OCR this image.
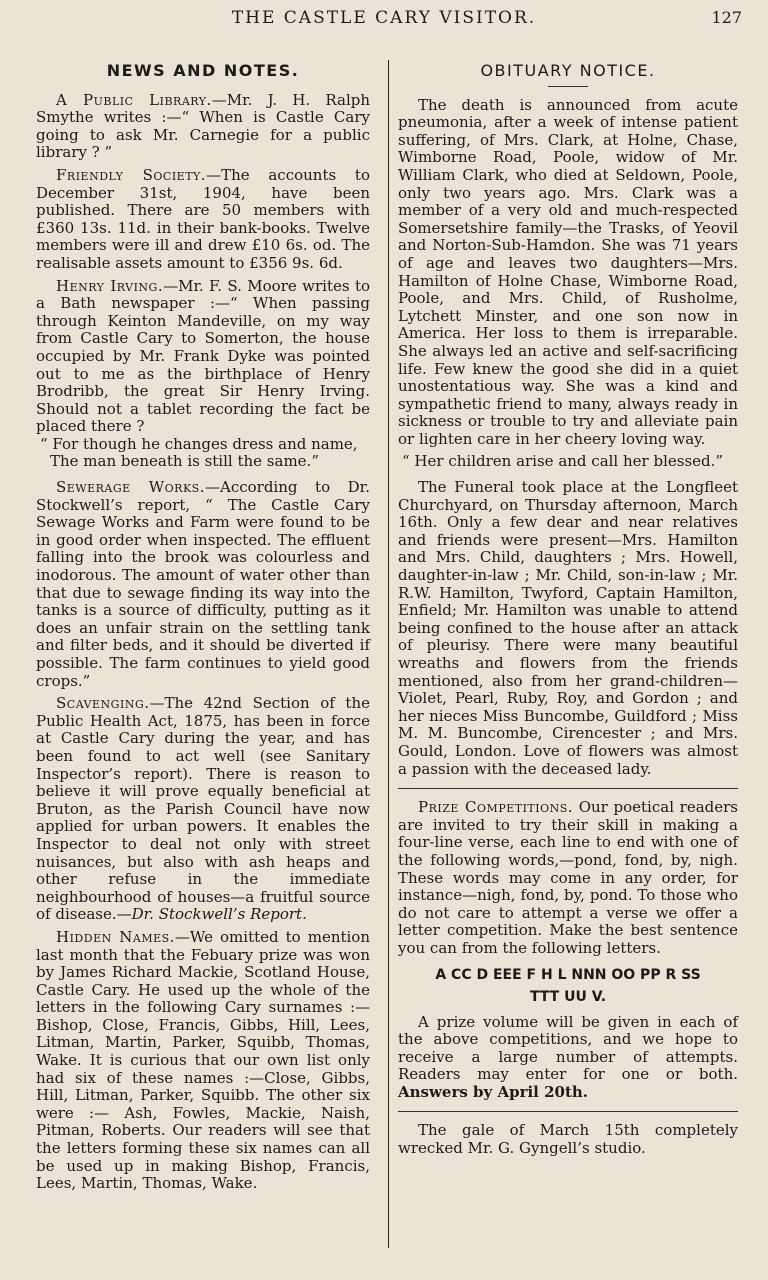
THE CASTLE CARY VISITOR.	127
NEWS AND NOTES.

A Public Library.—Mr. J. H. Ralph Smythe writes :—“ When is Castle Cary going to ask Mr. Carnegie for a public library ? ”

Friendly Society.—The accounts to December 31st, 1904, have been published. There are 50 members with £360 13s. 11d. in their bank-books. Twelve members were ill and drew £10 6s. od. The realisable assets amount to £356 9s. 6d.

Henry Irving.—Mr. F. S. Moore writes to a Bath newspaper :—“ When passing through Keinton Mandeville, on my way from Castle Cary to Somerton, the house occupied by Mr. Frank Dyke was pointed out to me as the birthplace of Henry Brodribb, the great Sir Henry Irving. Should not a tablet recording the fact be placed there ?

“ For though he changes dress and name,

The man beneath is still the same.”

Sewerage Works.—According to Dr. Stockwell’s report, “ The Castle Cary Sewage Works and Farm were found to be in good order when inspected. The effluent falling into the brook was colourless and inodorous. The amount of water other than that due to sewage finding its way into the tanks is a source of difficulty, putting as it does an unfair strain on the settling tank and filter beds, and it should be diverted if possible. The farm continues to yield good crops.”

Scavenging.—The 42nd Section of the Public Health Act, 1875, has been in force at Castle Cary during the year, and has been found to act well (see Sanitary Inspector’s report). There is reason to believe it will prove equally beneficial at Bruton, as the Parish Council have now applied for urban powers. It enables the Inspector to deal not only with street nuisances, but also with ash heaps and other refuse in the immediate neighbourhood of houses—a fruitful source of disease.—Dr. Stockwell’s Report.

Hidden Names.—We omitted to mention last month that the Febuary prize was won by James Richard Mackie, Scotland House, Castle Cary. He used up the whole of the letters in the following Cary surnames :— Bishop, Close, Francis, Gibbs, Hill, Lees, Litman, Martin, Parker, Squibb, Thomas, Wake. It is curious that our own list only had six of these names :—Close, Gibbs, Hill, Litman, Parker, Squibb. The other six were :— Ash, Fowles, Mackie, Naish, Pitman, Roberts. Our readers will see that the letters forming these six names can all be used up in making Bishop, Francis, Lees, Martin, Thomas, Wake.

OBITUARY NOTICE.

The death is announced from acute pneumonia, after a week of intense patient suffering, of Mrs. Clark, at Holne, Chase, Wimborne Road, Poole, widow of Mr. William Clark, who died at Seldown, Poole, only two years ago. Mrs. Clark was a member of a very old and much-respected Somersetshire family—the Trasks, of Yeovil and Norton-Sub-Hamdon. She was 71 years of age and leaves two daughters—Mrs. Hamilton of Holne Chase, Wimborne Road, Poole, and Mrs. Child, of Rusholme, Lytchett Minster, and one son now in America. Her loss to them is irreparable. She always led an active and self-sacrificing life. Few knew the good she did in a quiet unostentatious way. She was a kind and sympathetic friend to many, always ready in sickness or trouble to try and alleviate pain or lighten care in her cheery loving way.

“ Her children arise and call her blessed.”

The Funeral took place at the Longfleet Churchyard, on Thursday afternoon, March 16th. Only a few dear and near relatives and friends were present—Mrs. Hamilton and Mrs. Child, daughters ; Mrs. Howell, daughter-in-law ; Mr. Child, son-in-law ; Mr. R.W. Hamilton, Twyford, Captain Hamilton, Enfield; Mr. Hamilton was unable to attend being confined to the house after an attack of pleurisy. There were many beautiful wreaths and flowers from the friends mentioned, also from her grand-children—Violet, Pearl, Ruby, Roy, and Gordon ; and her nieces Miss Buncombe, Guildford ; Miss M. M. Buncombe, Cirencester ; and Mrs. Gould, London. Love of flowers was almost a passion with the deceased lady.

Prize Competitions. Our poetical readers are invited to try their skill in making a four-line verse, each line to end with one of the following words,—pond, fond, by, nigh. These words may come in any order, for instance—nigh, fond, by, pond. To those who do not care to attempt a verse we offer a letter competition. Make the best sentence you can from the following letters.

A CC D EEE F H L NNN OO PP R SS
TTT UU V.

A prize volume will be given in each of the above competitions, and we hope to receive a large number of attempts. Readers may enter for one or both. Answers by April 20th.

The gale of March 15th completely wrecked Mr. G. Gyngell’s studio.
